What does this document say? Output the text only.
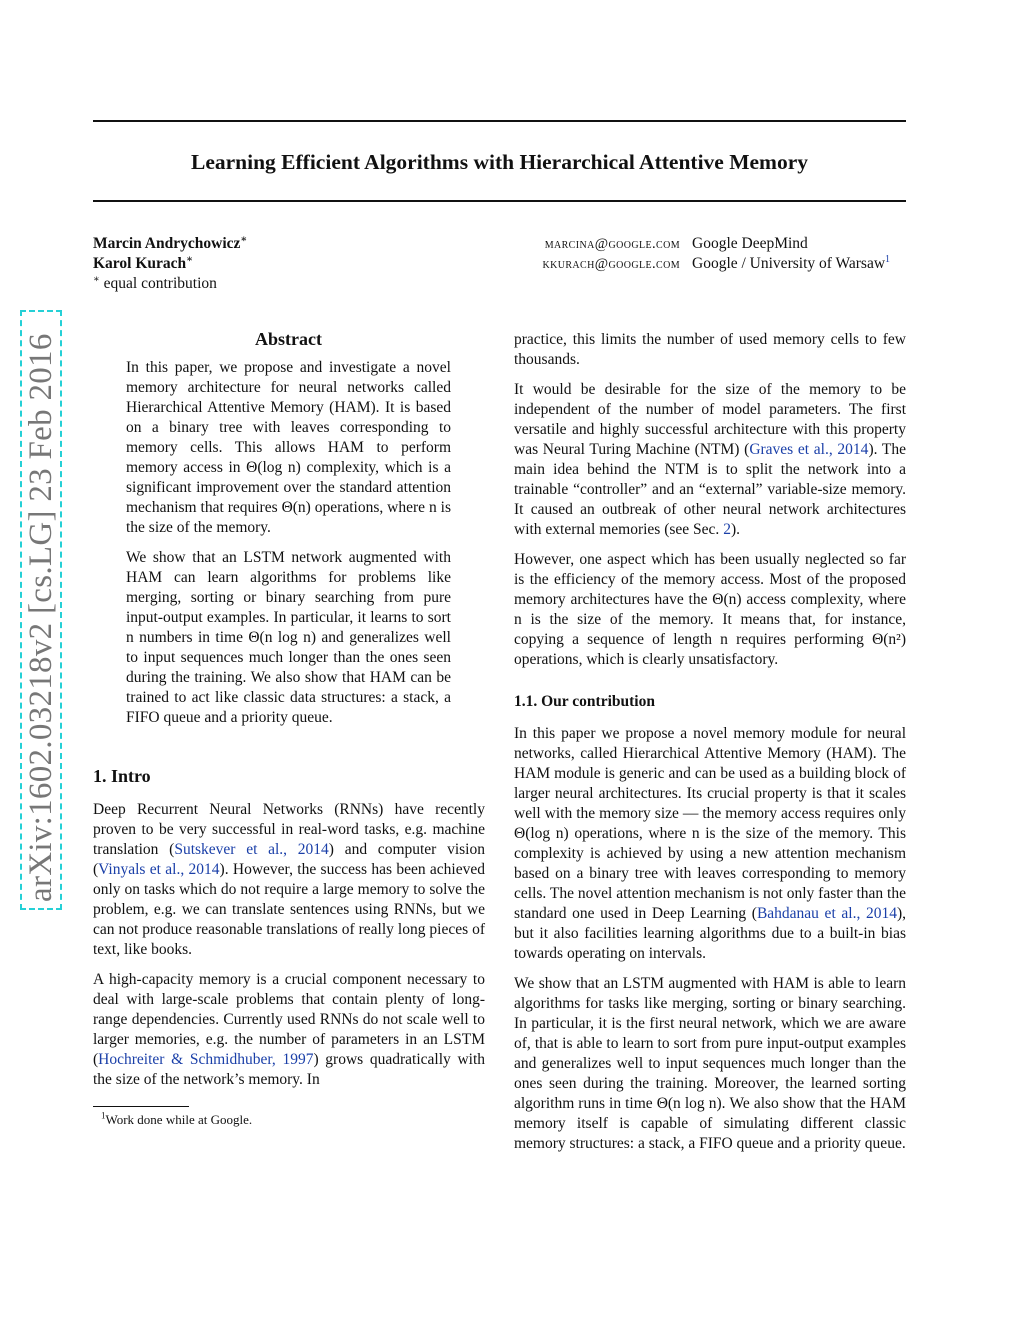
arXiv:1602.03218v2 [cs.LG] 23 Feb 2016
Learning Efficient Algorithms with Hierarchical Attentive Memory
Marcin Andrychowicz∗	marcina@google.com Google DeepMind
Karol Kurach∗	kkurach@google.com Google / University of Warsaw$^1$
∗ equal contribution
Abstract

In this paper, we propose and investigate a novel memory architecture for neural networks called Hierarchical Attentive Memory (HAM). It is based on a binary tree with leaves corresponding to memory cells. This allows HAM to perform memory access in Θ(log n) complexity, which is a significant improvement over the standard attention mechanism that requires Θ(n) operations, where n is the size of the memory.

We show that an LSTM network augmented with HAM can learn algorithms for problems like merging, sorting or binary searching from pure input-output examples. In particular, it learns to sort n numbers in time Θ(n log n) and generalizes well to input sequences much longer than the ones seen during the training. We also show that HAM can be trained to act like classic data structures: a stack, a FIFO queue and a priority queue.

1. Intro

Deep Recurrent Neural Networks (RNNs) have recently proven to be very successful in real-word tasks, e.g. machine translation (Sutskever et al., 2014) and computer vision (Vinyals et al., 2014). However, the success has been achieved only on tasks which do not require a large memory to solve the problem, e.g. we can translate sentences using RNNs, but we can not produce reasonable translations of really long pieces of text, like books.

A high-capacity memory is a crucial component necessary to deal with large-scale problems that contain plenty of long-range dependencies. Currently used RNNs do not scale well to larger memories, e.g. the number of parameters in an LSTM (Hochreiter & Schmidhuber, 1997) grows quadratically with the size of the network’s memory. In

$^1$Work done while at Google.

practice, this limits the number of used memory cells to few thousands.

It would be desirable for the size of the memory to be independent of the number of model parameters. The first versatile and highly successful architecture with this property was Neural Turing Machine (NTM) (Graves et al., 2014). The main idea behind the NTM is to split the network into a trainable “controller” and an “external” variable-size memory. It caused an outbreak of other neural network architectures with external memories (see Sec. 2).

However, one aspect which has been usually neglected so far is the efficiency of the memory access. Most of the proposed memory architectures have the Θ(n) access complexity, where n is the size of the memory. It means that, for instance, copying a sequence of length n requires performing Θ(n²) operations, which is clearly unsatisfactory.

1.1. Our contribution

In this paper we propose a novel memory module for neural networks, called Hierarchical Attentive Memory (HAM). The HAM module is generic and can be used as a building block of larger neural architectures. Its crucial property is that it scales well with the memory size — the memory access requires only Θ(log n) operations, where n is the size of the memory. This complexity is achieved by using a new attention mechanism based on a binary tree with leaves corresponding to memory cells. The novel attention mechanism is not only faster than the standard one used in Deep Learning (Bahdanau et al., 2014), but it also facilities learning algorithms due to a built-in bias towards operating on intervals.

We show that an LSTM augmented with HAM is able to learn algorithms for tasks like merging, sorting or binary searching. In particular, it is the first neural network, which we are aware of, that is able to learn to sort from pure input-output examples and generalizes well to input sequences much longer than the ones seen during the training. Moreover, the learned sorting algorithm runs in time Θ(n log n). We also show that the HAM memory itself is capable of simulating different classic memory structures: a stack, a FIFO queue and a priority queue.
